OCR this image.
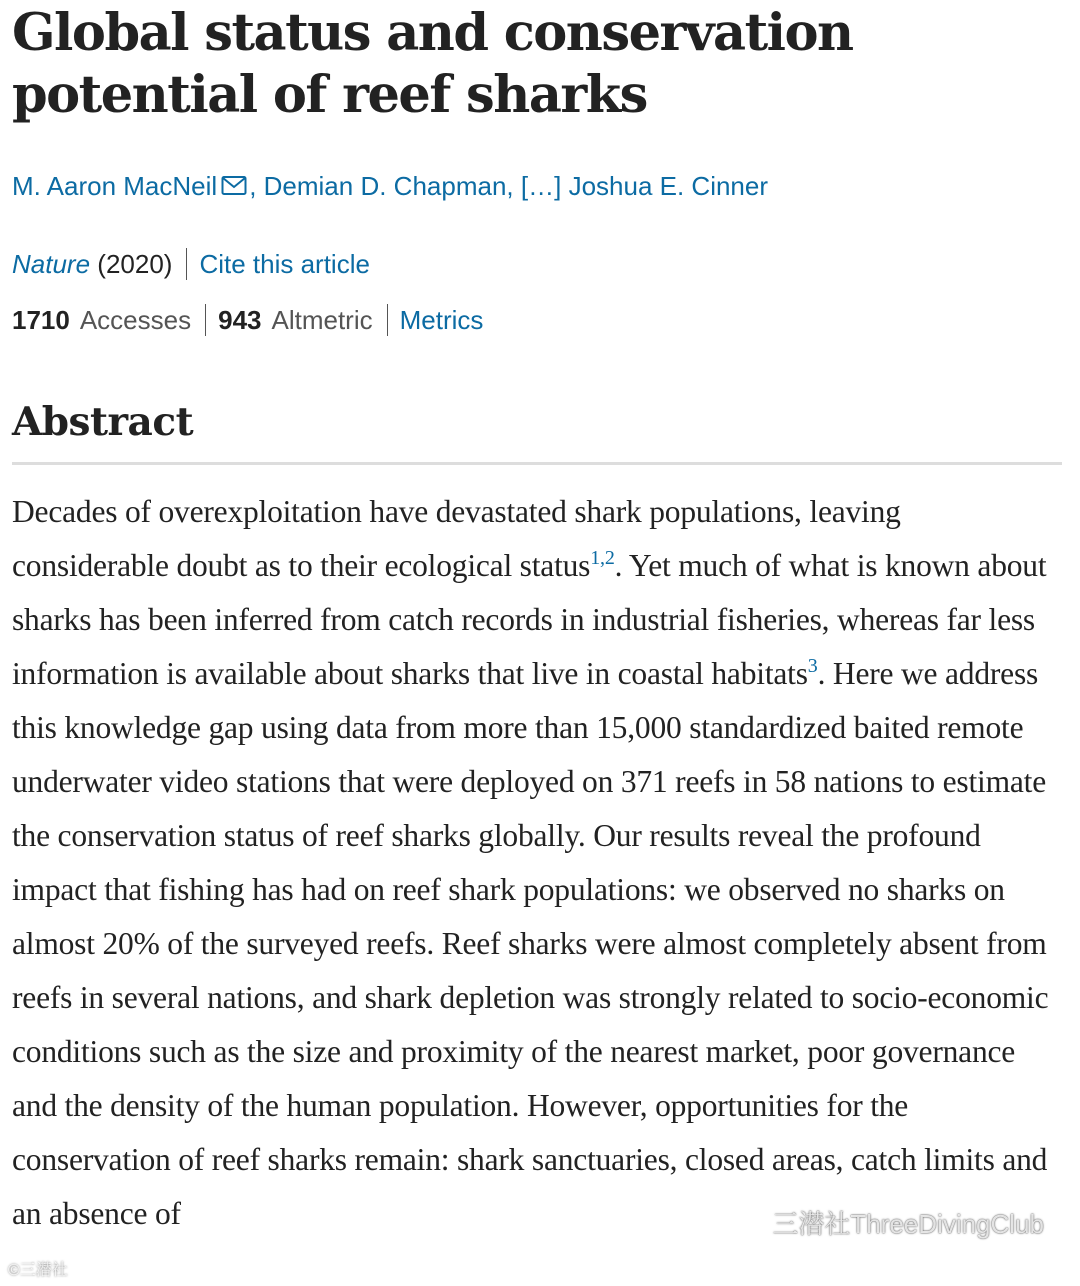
Global status and conservation potential of reef sharks
M. Aaron MacNeil , Demian D. Chapman, […] Joshua E. Cinner
Nature (2020) Cite this article
1710 Accesses 943 Altmetric Metrics
Abstract

Decades of overexploitation have devastated shark populations, leaving considerable doubt as to their ecological status$^{1,2}$. Yet much of what is known about sharks has been inferred from catch records in industrial fisheries, whereas far less information is available about sharks that live in coastal habitats$^3$. Here we address this knowledge gap using data from more than 15,000 standardized baited remote underwater video stations that were deployed on 371 reefs in 58 nations to estimate the conservation status of reef sharks globally. Our results reveal the profound impact that fishing has had on reef shark populations: we observed no sharks on almost 20% of the surveyed reefs. Reef sharks were almost completely absent from reefs in several nations, and shark depletion was strongly related to socio-economic conditions such as the size and proximity of the nearest market, poor governance and the density of the human population. However, opportunities for the conservation of reef sharks remain: shark sanctuaries, closed areas, catch limits and an absence of	三潜社ThreeDivingClub
©三潜社
